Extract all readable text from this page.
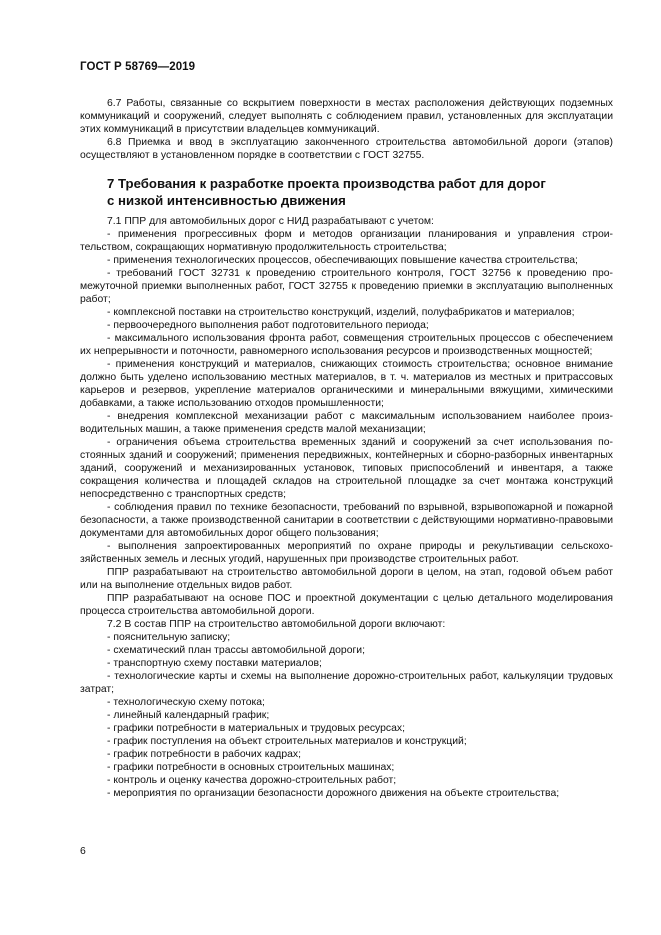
ГОСТ Р 58769—2019

6.7 Работы, связанные со вскрытием поверхности в местах расположения действующих подземных коммуникаций и сооружений, следует выполнять с соблюдением правил, установленных для эксплуатации этих коммуникаций в присутствии владельцев коммуникаций.

6.8 Приемка и ввод в эксплуатацию законченного строительства автомобильной дороги (этапов) осуществляют в установленном порядке в соответствии с ГОСТ 32755.

7 Требования к разработке проекта производства работ для дорог
с низкой интенсивностью движения

7.1 ППР для автомобильных дорог с НИД разрабатывают с учетом:

- применения прогрессивных форм и методов организации планирования и управления строительством, сокращающих нормативную продолжительность строительства;

- применения технологических процессов, обеспечивающих повышение качества строительства;

- требований ГОСТ 32731 к проведению строительного контроля, ГОСТ 32756 к проведению промежуточной приемки выполненных работ, ГОСТ 32755 к проведению приемки в эксплуатацию выполненных работ;

- комплексной поставки на строительство конструкций, изделий, полуфабрикатов и материалов;

- первоочередного выполнения работ подготовительного периода;

- максимального использования фронта работ, совмещения строительных процессов с обеспечением их непрерывности и поточности, равномерного использования ресурсов и производственных мощностей;

- применения конструкций и материалов, снижающих стоимость строительства; основное внимание должно быть уделено использованию местных материалов, в т. ч. материалов из местных и притрассовых карьеров и резервов, укрепление материалов органическими и минеральными вяжущими, химическими добавками, а также использованию отходов промышленности;

- внедрения комплексной механизации работ с максимальным использованием наиболее производительных машин, а также применения средств малой механизации;

- ограничения объема строительства временных зданий и сооружений за счет использования постоянных зданий и сооружений; применения передвижных, контейнерных и сборно-разборных инвентарных зданий, сооружений и механизированных установок, типовых приспособлений и инвентаря, а также сокращения количества и площадей складов на строительной площадке за счет монтажа конструкций непосредственно с транспортных средств;

- соблюдения правил по технике безопасности, требований по взрывной, взрывопожарной и пожарной безопасности, а также производственной санитарии в соответствии с действующими нормативно-правовыми документами для автомобильных дорог общего пользования;

- выполнения запроектированных мероприятий по охране природы и рекультивации сельскохозяйственных земель и лесных угодий, нарушенных при производстве строительных работ.

ППР разрабатывают на строительство автомобильной дороги в целом, на этап, годовой объем работ или на выполнение отдельных видов работ.

ППР разрабатывают на основе ПОС и проектной документации с целью детального моделирования процесса строительства автомобильной дороги.

7.2 В состав ППР на строительство автомобильной дороги включают:

- пояснительную записку;

- схематический план трассы автомобильной дороги;

- транспортную схему поставки материалов;

- технологические карты и схемы на выполнение дорожно-строительных работ, калькуляции трудовых затрат;

- технологическую схему потока;

- линейный календарный график;

- графики потребности в материальных и трудовых ресурсах;

- график поступления на объект строительных материалов и конструкций;

- график потребности в рабочих кадрах;

- графики потребности в основных строительных машинах;

- контроль и оценку качества дорожно-строительных работ;

- мероприятия по организации безопасности дорожного движения на объекте строительства;

6
